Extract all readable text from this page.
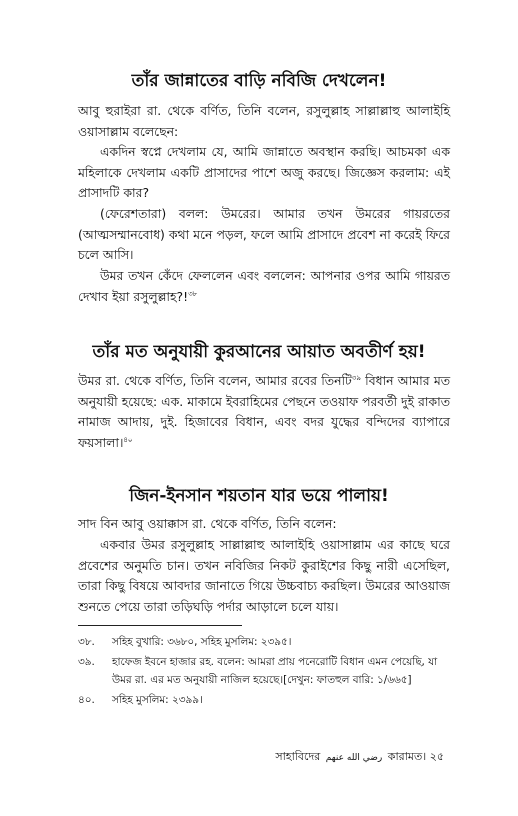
তাঁর জান্নাতের বাড়ি নবিজি দেখলেন!
আবু হুরাইরা রা. থেকে বর্ণিত, তিনি বলেন, রসুলুল্লাহ সাল্লাল্লাহু আলাইহি ওয়াসাল্লাম বলেছেন:
একদিন স্বপ্নে দেখলাম যে, আমি জান্নাতে অবস্থান করছি। আচমকা এক মহিলাকে দেখলাম একটি প্রাসাদের পাশে অজু করছে। জিজ্ঞেস করলাম: এই প্রাসাদটি কার?
(ফেরেশতারা) বলল: উমরের। আমার তখন উমরের গায়রতের (আত্মসম্মানবোধ) কথা মনে পড়ল, ফলে আমি প্রাসাদে প্রবেশ না করেই ফিরে চলে আসি।
উমর তখন কেঁদে ফেললেন এবং বললেন: আপনার ওপর আমি গায়রত দেখাব ইয়া রসুলুল্লাহ?!$^{৩৮}$
তাঁর মত অনুযায়ী কুরআনের আয়াত অবতীর্ণ হয়!
উমর রা. থেকে বর্ণিত, তিনি বলেন, আমার রবের তিনটি$^{৩৯}$ বিধান আমার মত অনুযায়ী হয়েছে: এক. মাকামে ইবরাহিমের পেছনে তওয়াফ পরবর্তী দুই রাকাত নামাজ আদায়, দুই. হিজাবের বিধান, এবং বদর যুদ্ধের বন্দিদের ব্যাপারে ফয়সালা।$^{৪০}$
জিন-ইনসান শয়তান যার ভয়ে পালায়!
সাদ বিন আবু ওয়াক্কাস রা. থেকে বর্ণিত, তিনি বলেন:
একবার উমর রসুলুল্লাহ সাল্লাল্লাহু আলাইহি ওয়াসাল্লাম এর কাছে ঘরে প্রবেশের অনুমতি চান। তখন নবিজির নিকট কুরাইশের কিছু নারী এসেছিল, তারা কিছু বিষয়ে আবদার জানাতে গিয়ে উচ্চবাচ্য করছিল। উমরের আওয়াজ শুনতে পেয়ে তারা তড়িঘড়ি পর্দার আড়ালে চলে যায়।
৩৮. সহিহ বুখারি: ৩৬৮০, সহিহ মুসলিম: ২৩৯৫।
৩৯. হাফেজ ইবনে হাজার রহ. বলেন: আমরা প্রায় পনেরোটি বিধান এমন পেয়েছি, যা উমর রা. এর মত অনুযায়ী নাজিল হয়েছে।[দেখুন: ফাতহুল বারি: ১/৬৬৫]
৪০. সহিহ মুসলিম: ২৩৯৯।
সাহাবিদের رضي الله عنهم কারামত। ২৫
